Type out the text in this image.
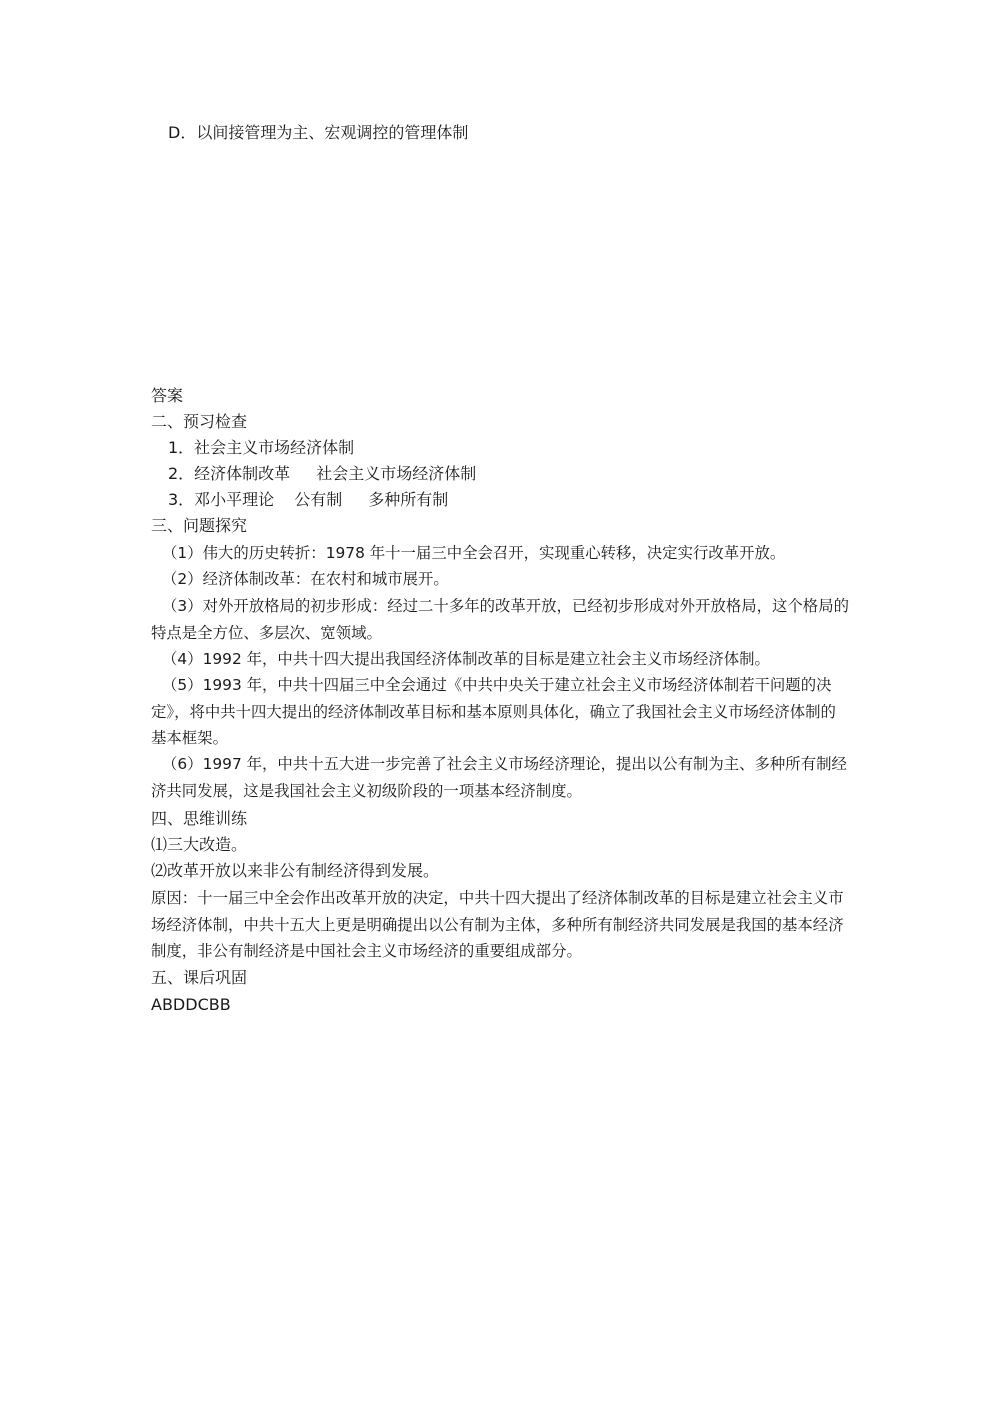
D．以间接管理为主、宏观调控的管理体制
答案
二、预习检查
1．社会主义市场经济体制
2．经济体制改革 社会主义市场经济体制
3．邓小平理论 公有制 多种所有制
三、问题探究
（1）伟大的历史转折：1978 年十一届三中全会召开，实现重心转移，决定实行改革开放。
（2）经济体制改革：在农村和城市展开。
（3）对外开放格局的初步形成：经过二十多年的改革开放，已经初步形成对外开放格局，这个格局的特点是全方位、多层次、宽领域。
（4）1992 年，中共十四大提出我国经济体制改革的目标是建立社会主义市场经济体制。
（5）1993 年，中共十四届三中全会通过《中共中央关于建立社会主义市场经济体制若干问题的决定》，将中共十四大提出的经济体制改革目标和基本原则具体化，确立了我国社会主义市场经济体制的基本框架。
（6）1997 年，中共十五大进一步完善了社会主义市场经济理论，提出以公有制为主、多种所有制经济共同发展，这是我国社会主义初级阶段的一项基本经济制度。
四、思维训练
⑴三大改造。
⑵改革开放以来非公有制经济得到发展。
原因：十一届三中全会作出改革开放的决定，中共十四大提出了经济体制改革的目标是建立社会主义市场经济体制，中共十五大上更是明确提出以公有制为主体，多种所有制经济共同发展是我国的基本经济制度，非公有制经济是中国社会主义市场经济的重要组成部分。
五、课后巩固
ABDDCBB
